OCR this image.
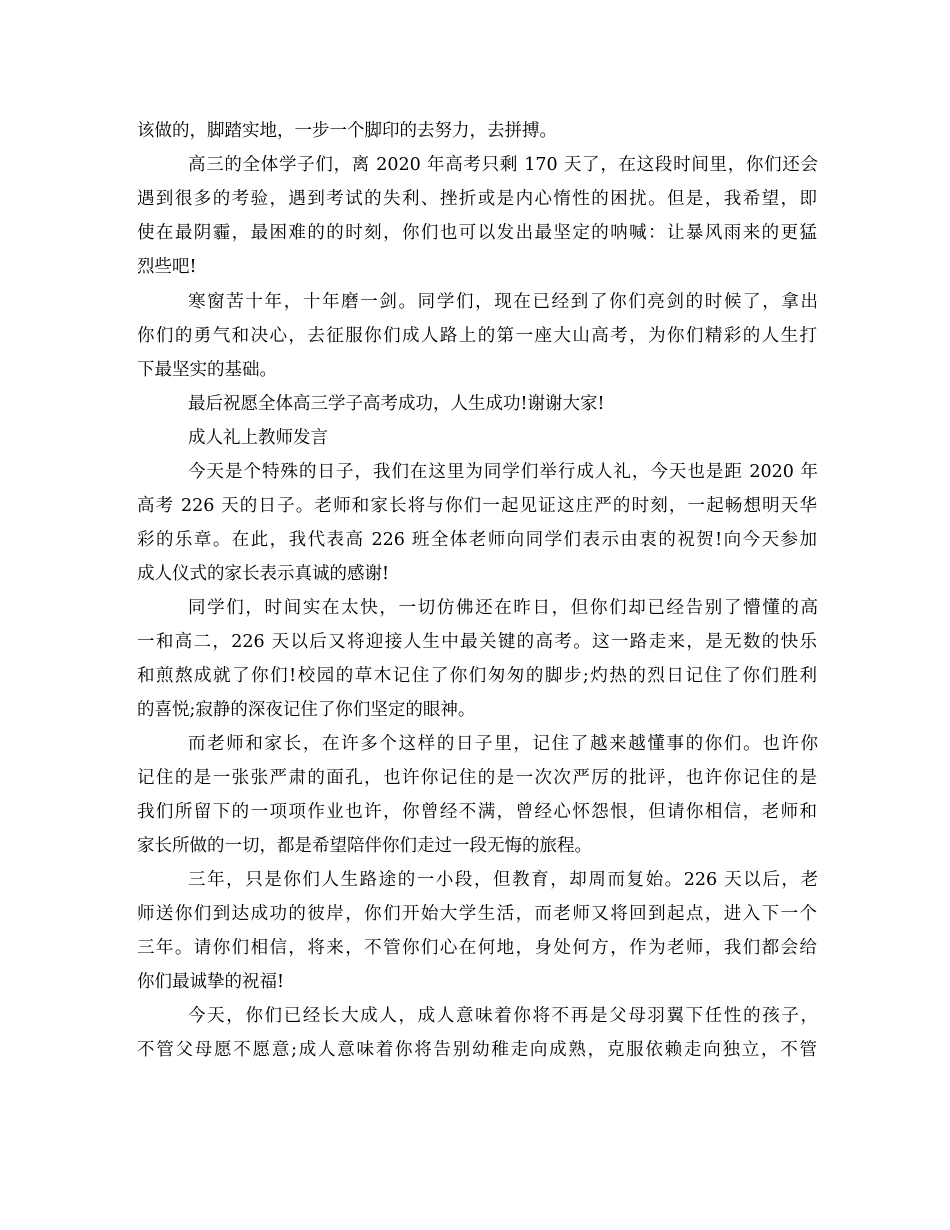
该做的，脚踏实地，一步一个脚印的去努力，去拼搏。
高三的全体学子们，离 2020 年高考只剩 170 天了，在这段时间里，你们还会
遇到很多的考验，遇到考试的失利、挫折或是内心惰性的困扰。但是，我希望，即
使在最阴霾，最困难的的时刻，你们也可以发出最坚定的呐喊：让暴风雨来的更猛
烈些吧!
寒窗苦十年，十年磨一剑。同学们，现在已经到了你们亮剑的时候了，拿出
你们的勇气和决心，去征服你们成人路上的第一座大山高考，为你们精彩的人生打
下最坚实的基础。
最后祝愿全体高三学子高考成功，人生成功!谢谢大家!
成人礼上教师发言
今天是个特殊的日子，我们在这里为同学们举行成人礼，今天也是距 2020 年
高考 226 天的日子。老师和家长将与你们一起见证这庄严的时刻，一起畅想明天华
彩的乐章。在此，我代表高 226 班全体老师向同学们表示由衷的祝贺!向今天参加
成人仪式的家长表示真诚的感谢!
同学们，时间实在太快，一切仿佛还在昨日，但你们却已经告别了懵懂的高
一和高二，226 天以后又将迎接人生中最关键的高考。这一路走来，是无数的快乐
和煎熬成就了你们!校园的草木记住了你们匆匆的脚步;灼热的烈日记住了你们胜利
的喜悦;寂静的深夜记住了你们坚定的眼神。
而老师和家长，在许多个这样的日子里，记住了越来越懂事的你们。也许你
记住的是一张张严肃的面孔，也许你记住的是一次次严厉的批评，也许你记住的是
我们所留下的一项项作业也许，你曾经不满，曾经心怀怨恨，但请你相信，老师和
家长所做的一切，都是希望陪伴你们走过一段无悔的旅程。
三年，只是你们人生路途的一小段，但教育，却周而复始。226 天以后，老
师送你们到达成功的彼岸，你们开始大学生活，而老师又将回到起点，进入下一个
三年。请你们相信，将来，不管你们心在何地，身处何方，作为老师，我们都会给
你们最诚挚的祝福!
今天，你们已经长大成人，成人意味着你将不再是父母羽翼下任性的孩子，
不管父母愿不愿意;成人意味着你将告别幼稚走向成熟，克服依赖走向独立，不管
